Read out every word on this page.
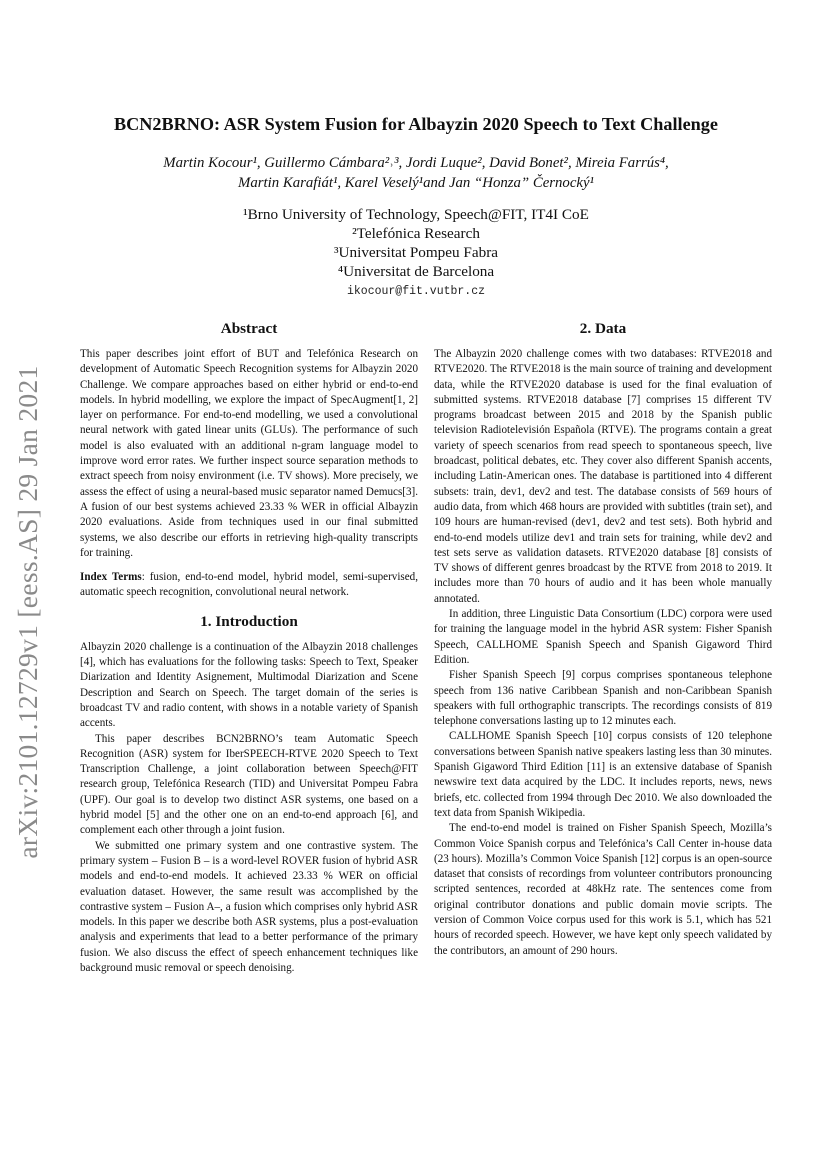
arXiv:2101.12729v1 [eess.AS] 29 Jan 2021
BCN2BRNO: ASR System Fusion for Albayzin 2020 Speech to Text Challenge
Martin Kocour¹, Guillermo Cámbara²˒³, Jordi Luque², David Bonet², Mireia Farrús⁴,
Martin Karafiát¹, Karel Veselý¹and Jan “Honza” Černocký¹
¹Brno University of Technology, Speech@FIT, IT4I CoE
²Telefónica Research
³Universitat Pompeu Fabra
⁴Universitat de Barcelona
ikocour@fit.vutbr.cz
Abstract

This paper describes joint effort of BUT and Telefónica Research on development of Automatic Speech Recognition systems for Albayzin 2020 Challenge. We compare approaches based on either hybrid or end-to-end models. In hybrid modelling, we explore the impact of SpecAugment[1, 2] layer on performance. For end-to-end modelling, we used a convolutional neural network with gated linear units (GLUs). The performance of such model is also evaluated with an additional n-gram language model to improve word error rates. We further inspect source separation methods to extract speech from noisy environment (i.e. TV shows). More precisely, we assess the effect of using a neural-based music separator named Demucs[3]. A fusion of our best systems achieved 23.33 % WER in official Albayzin 2020 evaluations. Aside from techniques used in our final submitted systems, we also describe our efforts in retrieving high-quality transcripts for training.

Index Terms: fusion, end-to-end model, hybrid model, semi-supervised, automatic speech recognition, convolutional neural network.

1. Introduction

Albayzin 2020 challenge is a continuation of the Albayzin 2018 challenges [4], which has evaluations for the following tasks: Speech to Text, Speaker Diarization and Identity Asignement, Multimodal Diarization and Scene Description and Search on Speech. The target domain of the series is broadcast TV and radio content, with shows in a notable variety of Spanish accents.

This paper describes BCN2BRNO’s team Automatic Speech Recognition (ASR) system for IberSPEECH-RTVE 2020 Speech to Text Transcription Challenge, a joint collaboration between Speech@FIT research group, Telefónica Research (TID) and Universitat Pompeu Fabra (UPF). Our goal is to develop two distinct ASR systems, one based on a hybrid model [5] and the other one on an end-to-end approach [6], and complement each other through a joint fusion.

We submitted one primary system and one contrastive system. The primary system – Fusion B – is a word-level ROVER fusion of hybrid ASR models and end-to-end models. It achieved 23.33 % WER on official evaluation dataset. However, the same result was accomplished by the contrastive system – Fusion A–, a fusion which comprises only hybrid ASR models. In this paper we describe both ASR systems, plus a post-evaluation analysis and experiments that lead to a better performance of the primary fusion. We also discuss the effect of speech enhancement techniques like background music removal or speech denoising.

2. Data

The Albayzin 2020 challenge comes with two databases: RTVE2018 and RTVE2020. The RTVE2018 is the main source of training and development data, while the RTVE2020 database is used for the final evaluation of submitted systems. RTVE2018 database [7] comprises 15 different TV programs broadcast between 2015 and 2018 by the Spanish public television Radiotelevisión Española (RTVE). The programs contain a great variety of speech scenarios from read speech to spontaneous speech, live broadcast, political debates, etc. They cover also different Spanish accents, including Latin-American ones. The database is partitioned into 4 different subsets: train, dev1, dev2 and test. The database consists of 569 hours of audio data, from which 468 hours are provided with subtitles (train set), and 109 hours are human-revised (dev1, dev2 and test sets). Both hybrid and end-to-end models utilize dev1 and train sets for training, while dev2 and test sets serve as validation datasets. RTVE2020 database [8] consists of TV shows of different genres broadcast by the RTVE from 2018 to 2019. It includes more than 70 hours of audio and it has been whole manually annotated.

In addition, three Linguistic Data Consortium (LDC) corpora were used for training the language model in the hybrid ASR system: Fisher Spanish Speech, CALLHOME Spanish Speech and Spanish Gigaword Third Edition.

Fisher Spanish Speech [9] corpus comprises spontaneous telephone speech from 136 native Caribbean Spanish and non-Caribbean Spanish speakers with full orthographic transcripts. The recordings consists of 819 telephone conversations lasting up to 12 minutes each.

CALLHOME Spanish Speech [10] corpus consists of 120 telephone conversations between Spanish native speakers lasting less than 30 minutes. Spanish Gigaword Third Edition [11] is an extensive database of Spanish newswire text data acquired by the LDC. It includes reports, news, news briefs, etc. collected from 1994 through Dec 2010. We also downloaded the text data from Spanish Wikipedia.

The end-to-end model is trained on Fisher Spanish Speech, Mozilla’s Common Voice Spanish corpus and Telefónica’s Call Center in-house data (23 hours). Mozilla’s Common Voice Spanish [12] corpus is an open-source dataset that consists of recordings from volunteer contributors pronouncing scripted sentences, recorded at 48kHz rate. The sentences come from original contributor donations and public domain movie scripts. The version of Common Voice corpus used for this work is 5.1, which has 521 hours of recorded speech. However, we have kept only speech validated by the contributors, an amount of 290 hours.
